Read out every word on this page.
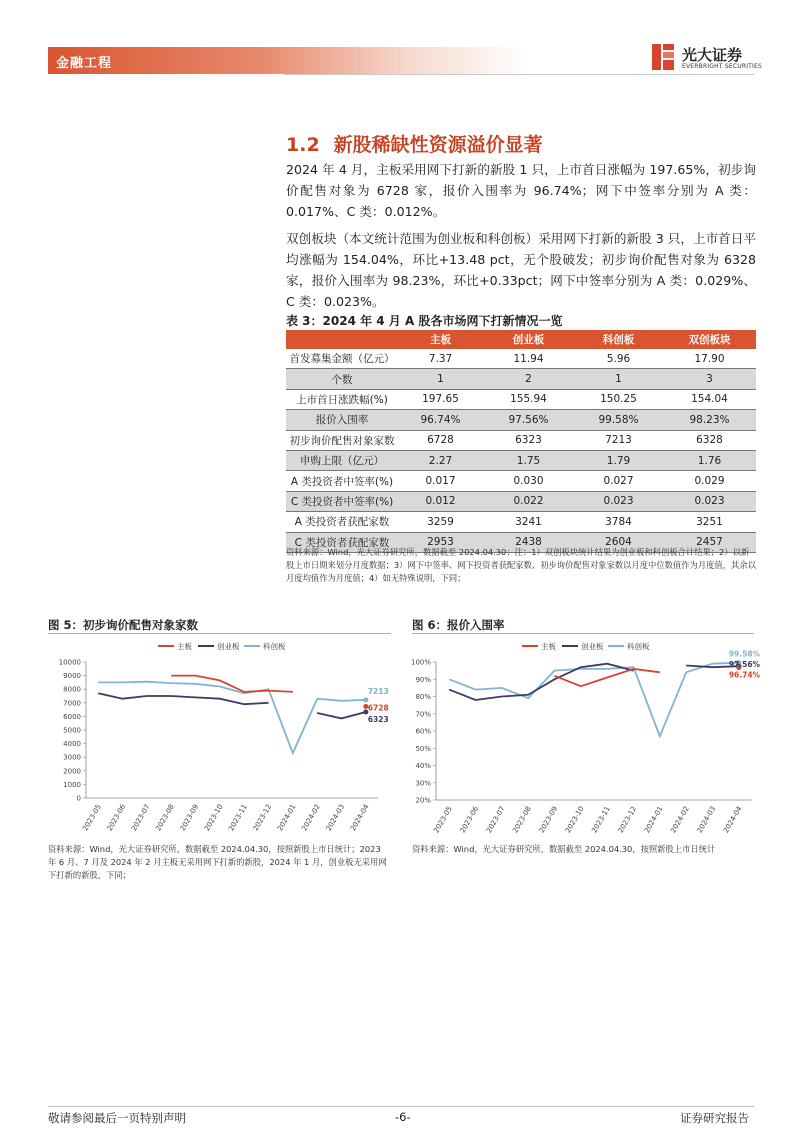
金融工程	光大证券
EVERBRIGHT SECURITIES
1.2 新股稀缺性资源溢价显著
2024 年 4 月，主板采用网下打新的新股 1 只，上市首日涨幅为 197.65%，初步询价配售对象为 6728 家，报价入围率为 96.74%；网下中签率分别为 A 类：0.017%、C 类：0.012%。
双创板块（本文统计范围为创业板和科创板）采用网下打新的新股 3 只，上市首日平均涨幅为 154.04%，环比+13.48 pct，无个股破发；初步询价配售对象为 6328 家，报价入围率为 98.23%，环比+0.33pct；网下中签率分别为 A 类：0.029%、C 类：0.023%。
表 3：2024 年 4 月 A 股各市场网下打新情况一览
	主板	创业板	科创板	双创板块
首发募集金额（亿元）	7.37	11.94	5.96	17.90
个数	1	2	1	3
上市首日涨跌幅(%)	197.65	155.94	150.25	154.04
报价入围率	96.74%	97.56%	99.58%	98.23%
初步询价配售对象家数	6728	6323	7213	6328
申购上限（亿元）	2.27	1.75	1.79	1.76
A 类投资者中签率(%)	0.017	0.030	0.027	0.029
C 类投资者中签率(%)	0.012	0.022	0.023	0.023
A 类投资者获配家数	3259	3241	3784	3251
C 类投资者获配家数	2953	2438	2604	2457
资料来源：Wind，光大证券研究所，数据截至 2024.04.30；注：1）双创板块统计结果为创业板和科创板合计结果；2）以新股上市日期来划分月度数据；3）网下中签率、网下投资者获配家数、初步询价配售对象家数以月度中位数值作为月度值，其余以月度均值作为月度值；4）如无特殊说明，下同；
图 5：初步询价配售对象家数
主板	创业板	科创板
0
1000
2000
3000
4000
5000
6000
7000
8000
9000
10000
2023-05 2023-06 2023-07 2023-08 2023-09 2023-10 2023-11 2023-12 2024-01 2024-02 2024-03 2024-04
7213
6728
6323
资料来源：Wind，光大证券研究所，数据截至 2024.04.30，按照新股上市日统计；2023 年 6 月、7 月及 2024 年 2 月主板无采用网下打新的新股，2024 年 1 月，创业板无采用网下打新的新股，下同；
图 6：报价入围率
主板	创业板	科创板
20%
30%
40%
50%
60%
70%
80%
90%
100%
2023-05 2023-06 2023-07 2023-08 2023-09 2023-10 2023-11 2023-12 2024-01 2024-02 2024-03 2024-04
99.58%
97.56%
96.74%
资料来源：Wind，光大证券研究所，数据截至 2024.04.30，按照新股上市日统计
敬请参阅最后一页特别声明	-6-	证券研究报告
